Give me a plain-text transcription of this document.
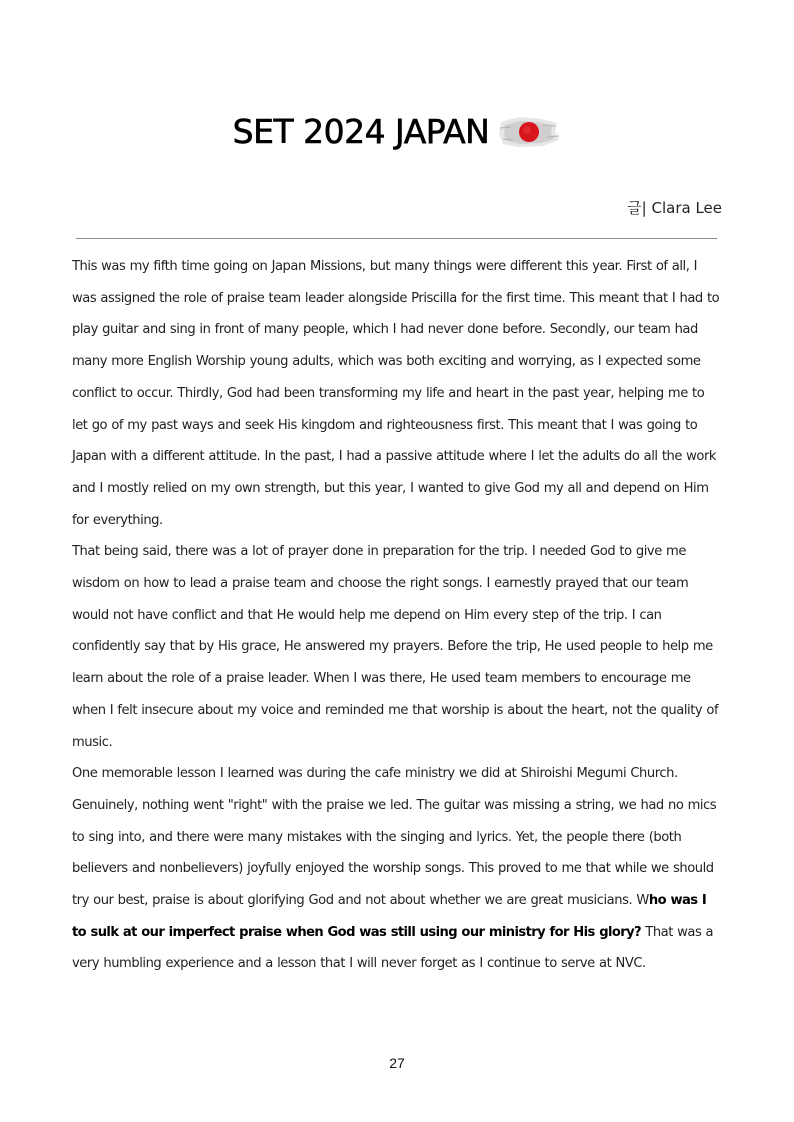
SET 2024 JAPAN
글| Clara Lee

This was my fifth time going on Japan Missions, but many things were different this year. First of all, I was assigned the role of praise team leader alongside Priscilla for the first time. This meant that I had to play guitar and sing in front of many people, which I had never done before. Secondly, our team had many more English Worship young adults, which was both exciting and worrying, as I expected some conflict to occur. Thirdly, God had been transforming my life and heart in the past year, helping me to let go of my past ways and seek His kingdom and righteousness first. This meant that I was going to Japan with a different attitude. In the past, I had a passive attitude where I let the adults do all the work and I mostly relied on my own strength, but this year, I wanted to give God my all and depend on Him for everything.

That being said, there was a lot of prayer done in preparation for the trip. I needed God to give me wisdom on how to lead a praise team and choose the right songs. I earnestly prayed that our team would not have conflict and that He would help me depend on Him every step of the trip. I can confidently say that by His grace, He answered my prayers. Before the trip, He used people to help me learn about the role of a praise leader. When I was there, He used team members to encourage me when I felt insecure about my voice and reminded me that worship is about the heart, not the quality of music.

One memorable lesson I learned was during the cafe ministry we did at Shiroishi Megumi Church. Genuinely, nothing went "right" with the praise we led. The guitar was missing a string, we had no mics to sing into, and there were many mistakes with the singing and lyrics. Yet, the people there (both believers and nonbelievers) joyfully enjoyed the worship songs. This proved to me that while we should try our best, praise is about glorifying God and not about whether we are great musicians. Who was I to sulk at our imperfect praise when God was still using our ministry for His glory? That was a very humbling experience and a lesson that I will never forget as I continue to serve at NVC.

27
